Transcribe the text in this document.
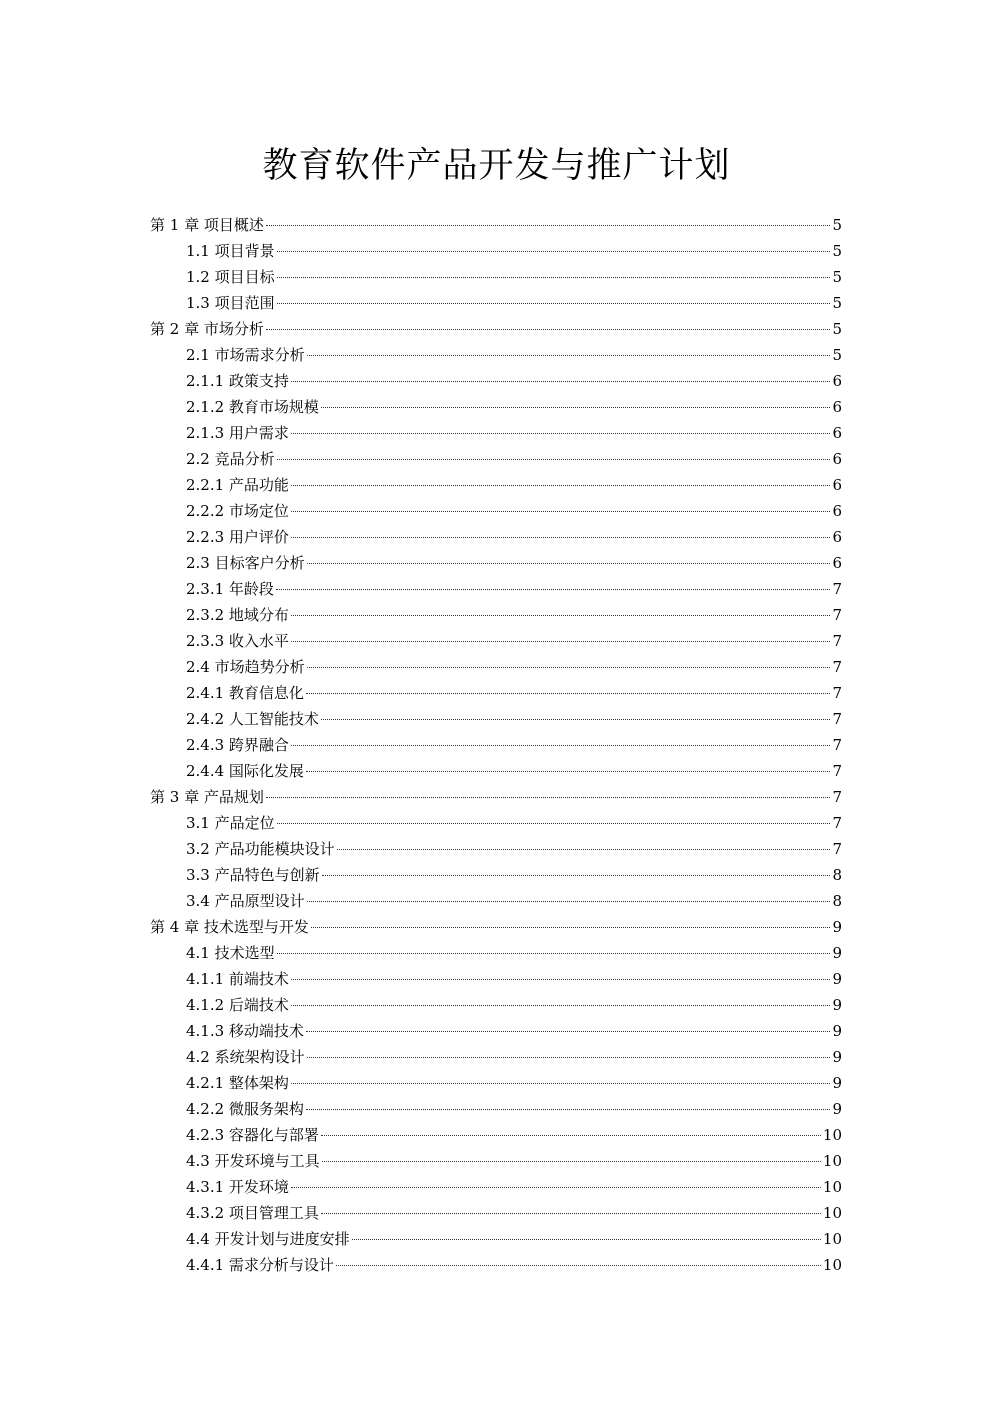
教育软件产品开发与推广计划
第 1 章 项目概述	5
1.1 项目背景	5
1.2 项目目标	5
1.3 项目范围	5
第 2 章 市场分析	5
2.1 市场需求分析	5
2.1.1 政策支持	6
2.1.2 教育市场规模	6
2.1.3 用户需求	6
2.2 竞品分析	6
2.2.1 产品功能	6
2.2.2 市场定位	6
2.2.3 用户评价	6
2.3 目标客户分析	6
2.3.1 年龄段	7
2.3.2 地域分布	7
2.3.3 收入水平	7
2.4 市场趋势分析	7
2.4.1 教育信息化	7
2.4.2 人工智能技术	7
2.4.3 跨界融合	7
2.4.4 国际化发展	7
第 3 章 产品规划	7
3.1 产品定位	7
3.2 产品功能模块设计	7
3.3 产品特色与创新	8
3.4 产品原型设计	8
第 4 章 技术选型与开发	9
4.1 技术选型	9
4.1.1 前端技术	9
4.1.2 后端技术	9
4.1.3 移动端技术	9
4.2 系统架构设计	9
4.2.1 整体架构	9
4.2.2 微服务架构	9
4.2.3 容器化与部署	10
4.3 开发环境与工具	10
4.3.1 开发环境	10
4.3.2 项目管理工具	10
4.4 开发计划与进度安排	10
4.4.1 需求分析与设计	10
